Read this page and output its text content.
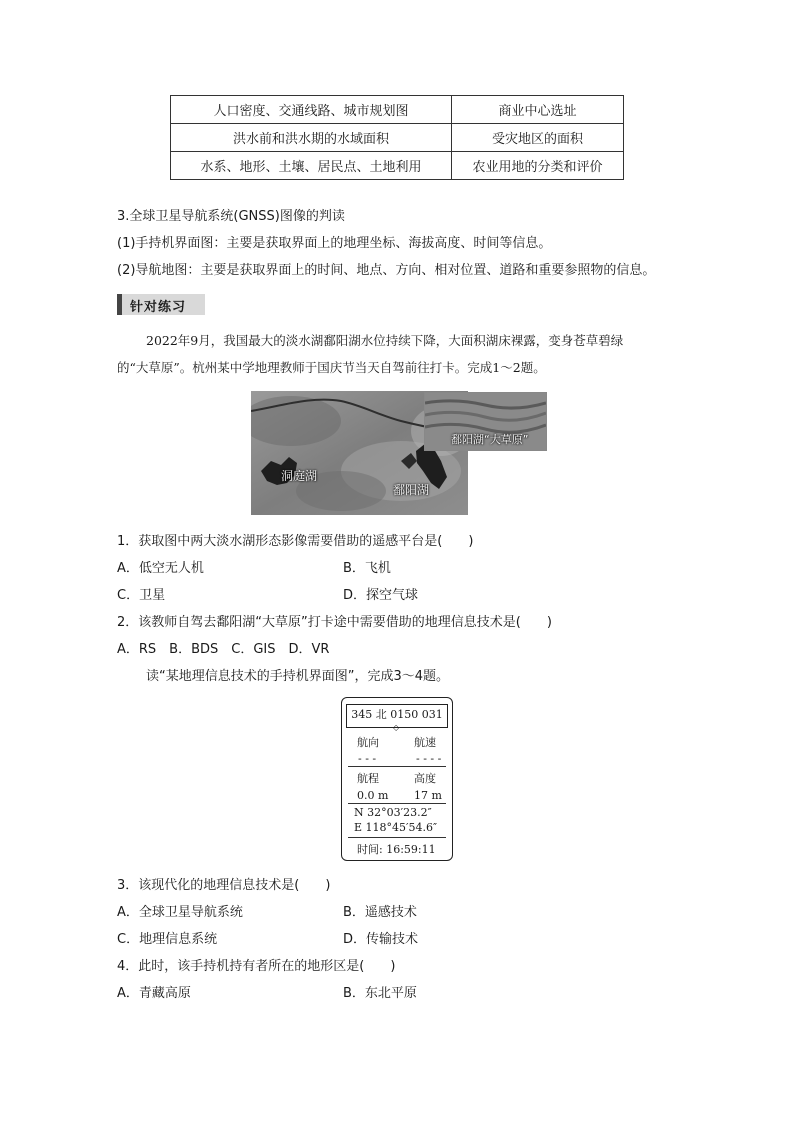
人口密度、交通线路、城市规划图	商业中心选址
洪水前和洪水期的水域面积	受灾地区的面积
水系、地形、土壤、居民点、土地利用	农业用地的分类和评价
3.全球卫星导航系统(GNSS)图像的判读
(1)手持机界面图：主要是获取界面上的地理坐标、海拔高度、时间等信息。
(2)导航地图：主要是获取界面上的时间、地点、方向、相对位置、道路和重要参照物的信息。
针对练习
2022年9月，我国最大的淡水湖鄱阳湖水位持续下降，大面积湖床裸露，变身苍草碧绿
的“大草原”。杭州某中学地理教师于国庆节当天自驾前往打卡。完成1～2题。
洞庭湖
鄱阳湖
鄱阳湖“大草原”
1．获取图中两大淡水湖形态影像需要借助的遥感平台是(　　)
A．低空无人机	B．飞机
C．卫星	D．探空气球
2．该教师自驾去鄱阳湖“大草原”打卡途中需要借助的地理信息技术是(　　)
A．RS　B．BDS　C．GIS　D．VR
读“某地理信息技术的手持机界面图”，完成3～4题。
345 北 0150 031
◇
航向	航速
- - -	- - - -
航程	高度
0.0 m 17 m
N 32°03′23.2″
E 118°45′54.6″
时间: 16:59:11
3．该现代化的地理信息技术是(　　)
A．全球卫星导航系统	B．遥感技术
C．地理信息系统	D．传输技术
4．此时，该手持机持有者所在的地形区是(　　)
A．青藏高原	B．东北平原
